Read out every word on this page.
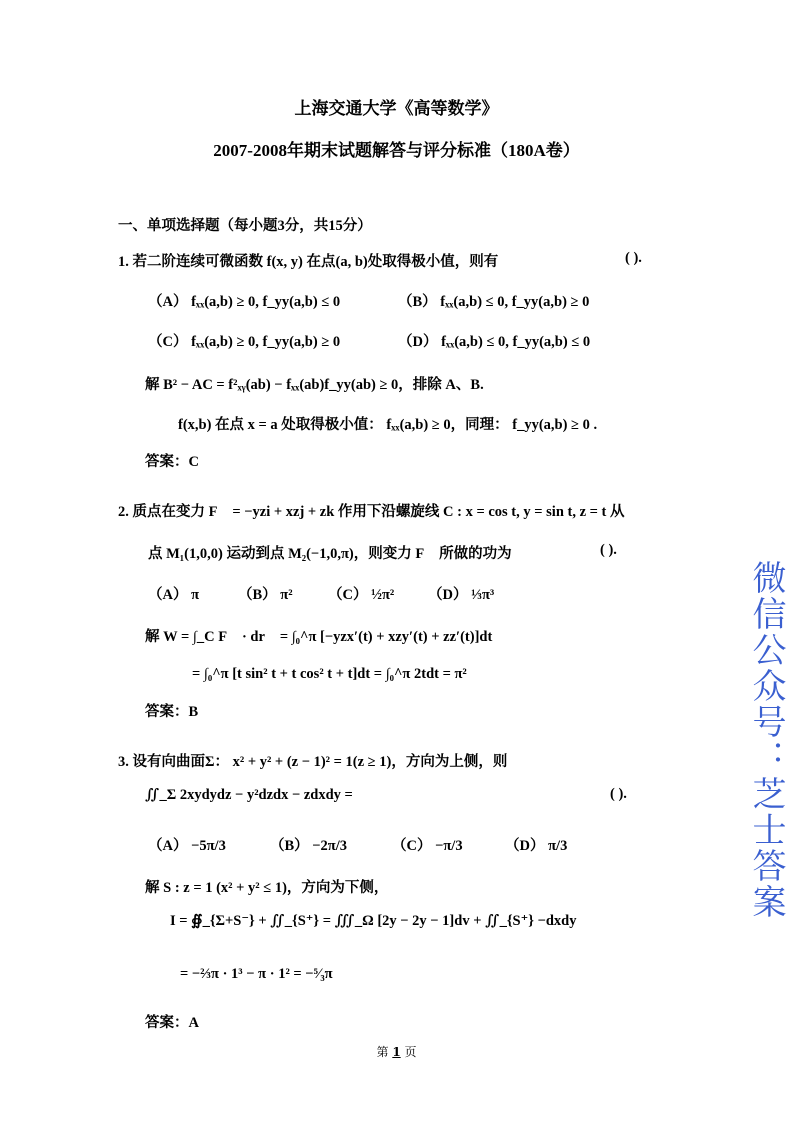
上海交通大学《高等数学》
2007-2008年期末试题解答与评分标准（180A卷）
一、单项选择题（每小题3分，共15分）
1. 若二阶连续可微函数 f(x, y) 在点(a, b)处取得极小值，则有	( ).
（A） fₓₓ(a,b) ≥ 0, f_yy(a,b) ≤ 0	（B） fₓₓ(a,b) ≤ 0, f_yy(a,b) ≥ 0
（C） fₓₓ(a,b) ≥ 0, f_yy(a,b) ≥ 0	（D） fₓₓ(a,b) ≤ 0, f_yy(a,b) ≤ 0
解 B² − AC = f²ₓᵧ(ab) − fₓₓ(ab)f_yy(ab) ≥ 0，排除 A、B.
f(x,b) 在点 x = a 处取得极小值： fₓₓ(a,b) ≥ 0，同理： f_yy(a,b) ≥ 0 .
答案：C
2. 质点在变力 F⃗ = −yzi + xzj + zk 作用下沿螺旋线 C : x = cos t, y = sin t, z = t 从
点 M₁(1,0,0) 运动到点 M₂(−1,0,π)，则变力 F⃗ 所做的功为	( ).
（A） π	（B） π² （C） ½π² （D） ⅓π³
解 W = ∫_C F⃗ · dr⃗ = ∫₀^π [−yzx′(t) + xzy′(t) + zz′(t)]dt
= ∫₀^π [t sin² t + t cos² t + t]dt = ∫₀^π 2tdt = π²
答案：B
3. 设有向曲面Σ： x² + y² + (z − 1)² = 1(z ≥ 1)，方向为上侧，则
∬_Σ 2xydydz − y²dzdx − zdxdy =	( ).
（A） −5π/3	（B） −2π/3	（C） −π/3	（D） π/3
解 S : z = 1 (x² + y² ≤ 1)，方向为下侧，
I = ∯_{Σ+S⁻} + ∬_{S⁺} = ∭_Ω [2y − 2y − 1]dv + ∬_{S⁺} −dxdy
= −⅔π · 1³ − π · 1² = −⁵⁄₃π
答案：A
微信公众号：芝士答案
第 1 页
